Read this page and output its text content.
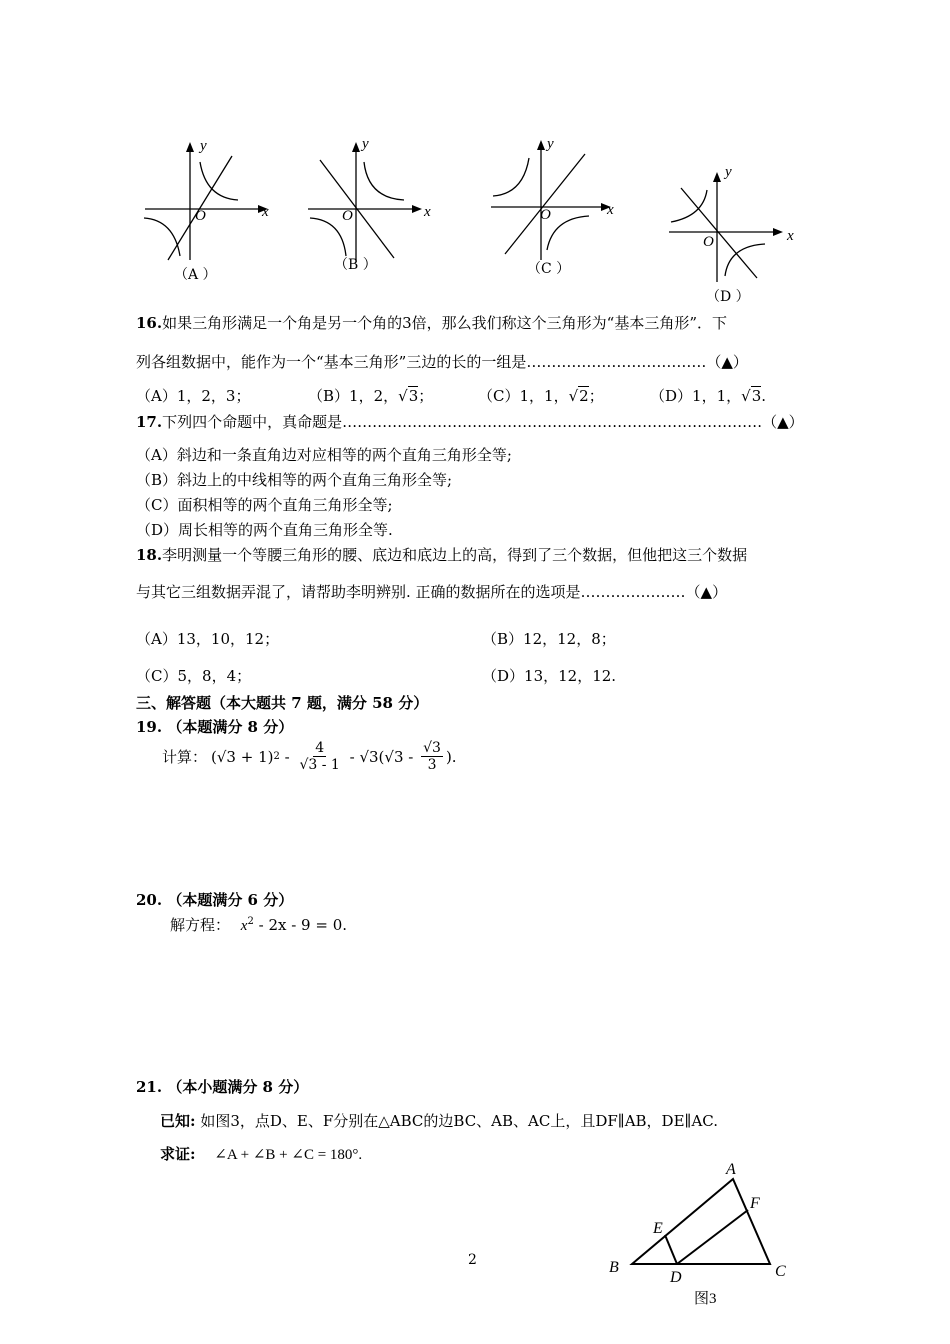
y
x
O
（A ）
y
x
O
（B ）
y
x
O
（C ）
y
x
O
（D ）
16.如果三角形满足一个角是另一个角的3倍，那么我们称这个三角形为“基本三角形”．下
列各组数据中，能作为一个“基本三角形”三边的长的一组是………………………………（▲）
（A）1，2，3；	（B）1，2，√3；	（C）1，1，√2；	（D）1，1，√3.
17.下列四个命题中，真命题是…………………………………………………………………………（▲）
（A）斜边和一条直角边对应相等的两个直角三角形全等;
（B）斜边上的中线相等的两个直角三角形全等;
（C）面积相等的两个直角三角形全等;
（D）周长相等的两个直角三角形全等.
18.李明测量一个等腰三角形的腰、底边和底边上的高，得到了三个数据，但他把这三个数据
与其它三组数据弄混了，请帮助李明辨别. 正确的数据所在的选项是…………………（▲）
（A）13，10，12；	（B）12，12，8；
（C）5，8，4；	（D）13，12，12.
三、解答题（本大题共 7 题，满分 58 分）
19. （本题满分 8 分）
计算： (√3 + 1) $2 - \frac{4}{√3 - 1} - √3(√3 - \frac{√3}{3}$ ).
20. （本题满分 6 分）
解方程： $x^2 - 2x - 9 = 0$.
21. （本小题满分 8 分）
已知: 如图3，点D、E、F分别在△ABC的边BC、AB、AC上，且DF∥AB，DE∥AC.
求证: ∠A + ∠B + ∠C = 180°.
A
F
E
B
D	C
图3
2
